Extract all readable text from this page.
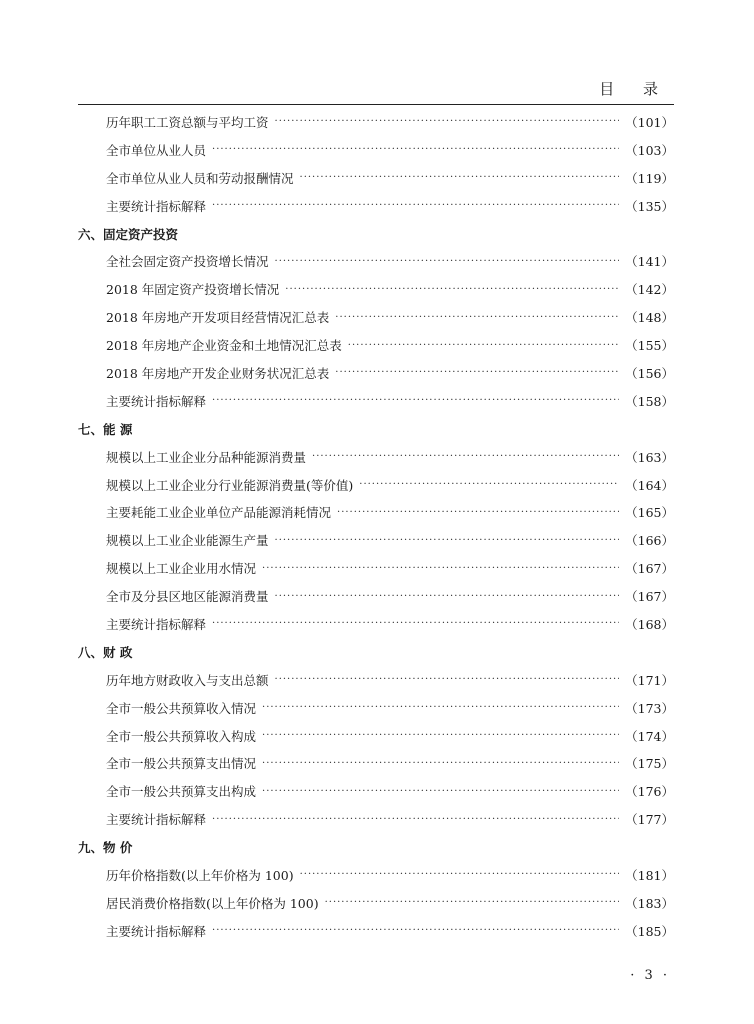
目 录
历年职工工资总额与平均工资 ·····	（101）
全市单位从业人员 ·····	（103）
全市单位从业人员和劳动报酬情况 ·····	（119）
主要统计指标解释 ·····	（135）
六、固定资产投资
全社会固定资产投资增长情况 ·····	（141）
2018 年固定资产投资增长情况 ·····	（142）
2018 年房地产开发项目经营情况汇总表 ·····	（148）
2018 年房地产企业资金和土地情况汇总表 ·····	（155）
2018 年房地产开发企业财务状况汇总表 ·····	（156）
主要统计指标解释 ·····	（158）
七、能 源
规模以上工业企业分品种能源消费量 ·····	（163）
规模以上工业企业分行业能源消费量(等价值) ·····	（164）
主要耗能工业企业单位产品能源消耗情况 ·····	（165）
规模以上工业企业能源生产量 ·····	（166）
规模以上工业企业用水情况 ·····	（167）
全市及分县区地区能源消费量 ·····	（167）
主要统计指标解释 ·····	（168）
八、财 政
历年地方财政收入与支出总额 ·····	（171）
全市一般公共预算收入情况 ·····	（173）
全市一般公共预算收入构成 ·····	（174）
全市一般公共预算支出情况 ·····	（175）
全市一般公共预算支出构成 ·····	（176）
主要统计指标解释 ·····	（177）
九、物 价
历年价格指数(以上年价格为 100) ·····	（181）
居民消费价格指数(以上年价格为 100) ·····	（183）
主要统计指标解释 ·····	（185）
· 3 ·
